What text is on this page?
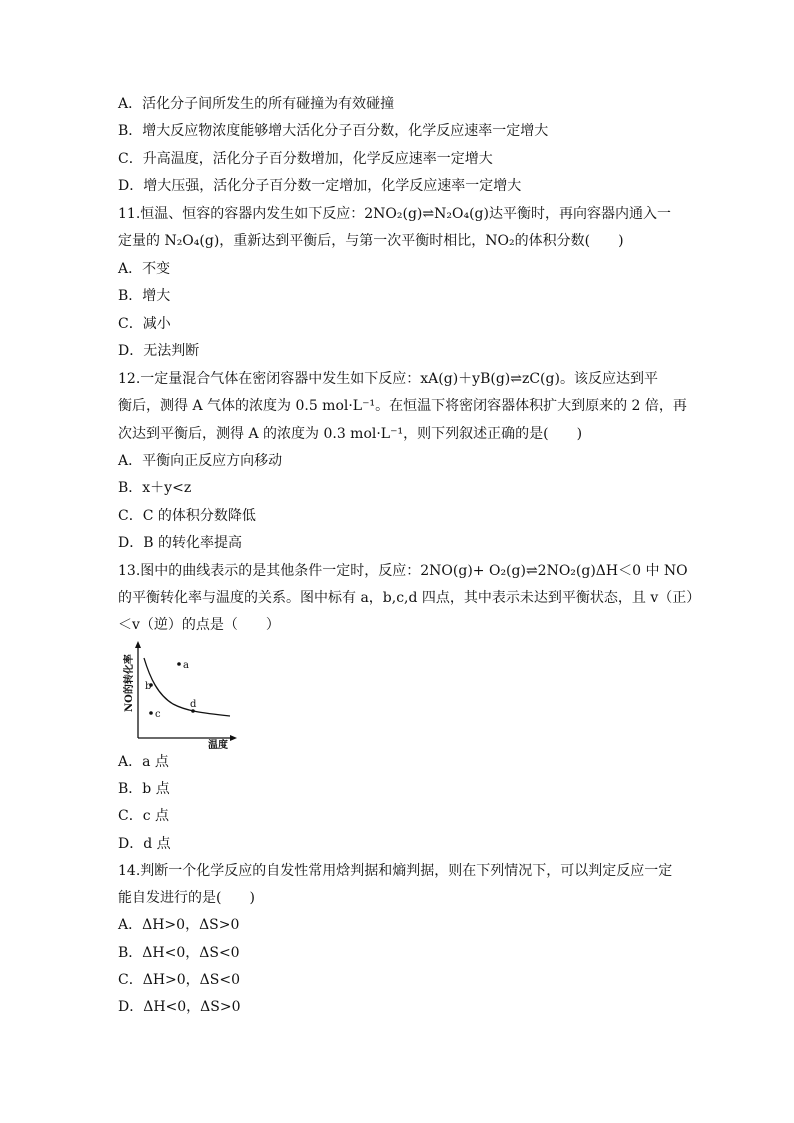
A．活化分子间所发生的所有碰撞为有效碰撞
B．增大反应物浓度能够增大活化分子百分数，化学反应速率一定增大
C．升高温度，活化分子百分数增加，化学反应速率一定增大
D．增大压强，活化分子百分数一定增加，化学反应速率一定增大
11.恒温、恒容的容器内发生如下反应：2NO₂(g)⇌N₂O₄(g)达平衡时，再向容器内通入一
定量的 N₂O₄(g)，重新达到平衡后，与第一次平衡时相比，NO₂的体积分数(　　)
A．不变
B．增大
C．减小
D．无法判断
12.一定量混合气体在密闭容器中发生如下反应：xA(g)＋yB(g)⇌zC(g)。该反应达到平
衡后，测得 A 气体的浓度为 0.5 mol·L⁻¹。在恒温下将密闭容器体积扩大到原来的 2 倍，再
次达到平衡后，测得 A 的浓度为 0.3 mol·L⁻¹，则下列叙述正确的是(　　)
A．平衡向正反应方向移动
B．x＋y<z
C．C 的体积分数降低
D．B 的转化率提高
13.图中的曲线表示的是其他条件一定时，反应：2NO(g)+ O₂(g)⇌2NO₂(g)ΔH＜0 中 NO
的平衡转化率与温度的关系。图中标有 a，b,c,d 四点，其中表示未达到平衡状态，且 v（正）
＜v（逆）的点是（　　）
a
b
c
d
NO的转化率
温度
A．a 点
B．b 点
C．c 点
D．d 点
14.判断一个化学反应的自发性常用焓判据和熵判据，则在下列情况下，可以判定反应一定
能自发进行的是(　　)
A．ΔH>0，ΔS>0
B．ΔH<0，ΔS<0
C．ΔH>0，ΔS<0
D．ΔH<0，ΔS>0
